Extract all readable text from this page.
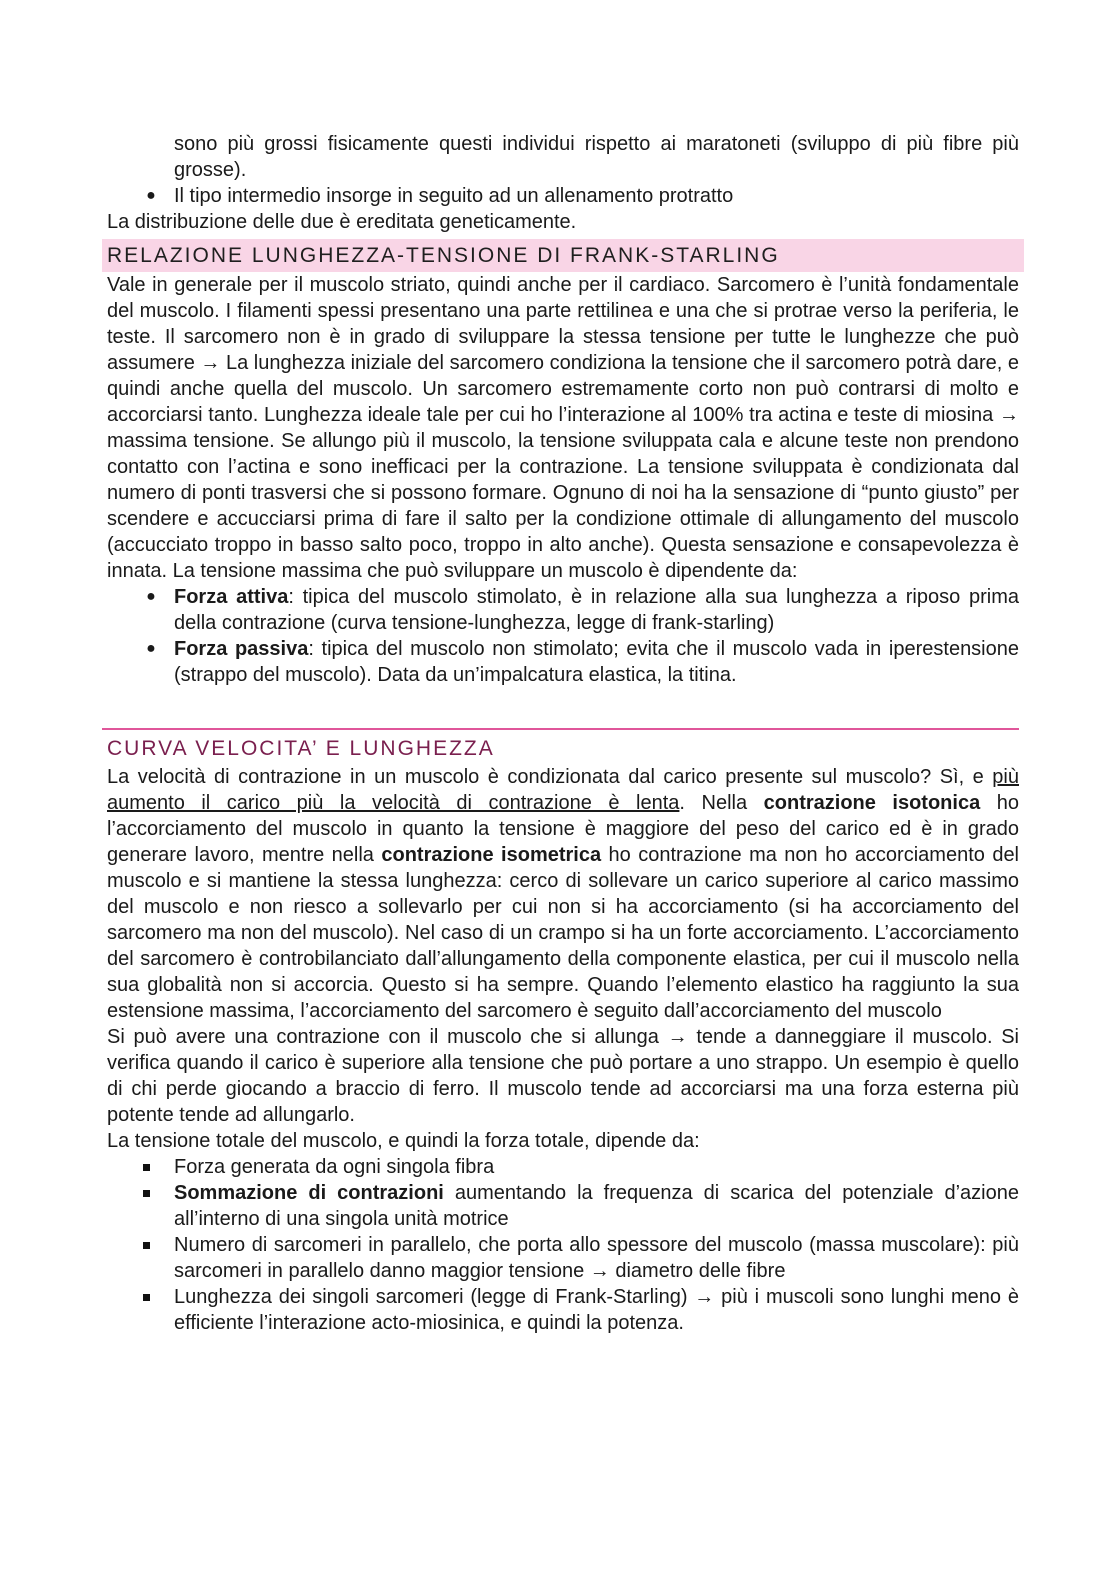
sono più grossi fisicamente questi individui rispetto ai maratoneti (sviluppo di più fibre più grosse).
● Il tipo intermedio insorge in seguito ad un allenamento protratto

La distribuzione delle due è ereditata geneticamente.

RELAZIONE LUNGHEZZA-TENSIONE DI FRANK-STARLING

Vale in generale per il muscolo striato, quindi anche per il cardiaco. Sarcomero è l’unità fondamentale del muscolo. I filamenti spessi presentano una parte rettilinea e una che si protrae verso la periferia, le teste. Il sarcomero non è in grado di sviluppare la stessa tensione per tutte le lunghezze che può assumere → La lunghezza iniziale del sarcomero condiziona la tensione che il sarcomero potrà dare, e quindi anche quella del muscolo. Un sarcomero estremamente corto non può contrarsi di molto e accorciarsi tanto. Lunghezza ideale tale per cui ho l’interazione al 100% tra actina e teste di miosina → massima tensione. Se allungo più il muscolo, la tensione sviluppata cala e alcune teste non prendono contatto con l’actina e sono inefficaci per la contrazione. La tensione sviluppata è condizionata dal numero di ponti trasversi che si possono formare. Ognuno di noi ha la sensazione di “punto giusto” per scendere e accucciarsi prima di fare il salto per la condizione ottimale di allungamento del muscolo (accucciato troppo in basso salto poco, troppo in alto anche). Questa sensazione e consapevolezza è innata. La tensione massima che può sviluppare un muscolo è dipendente da:

● Forza attiva: tipica del muscolo stimolato, è in relazione alla sua lunghezza a riposo prima della contrazione (curva tensione-lunghezza, legge di frank-starling)
● Forza passiva: tipica del muscolo non stimolato; evita che il muscolo vada in iperestensione (strappo del muscolo). Data da un’impalcatura elastica, la titina.
CURVA VELOCITA’ E LUNGHEZZA

La velocità di contrazione in un muscolo è condizionata dal carico presente sul muscolo? Sì, e più aumento il carico più la velocità di contrazione è lenta. Nella contrazione isotonica ho l’accorciamento del muscolo in quanto la tensione è maggiore del peso del carico ed è in grado generare lavoro, mentre nella contrazione isometrica ho contrazione ma non ho accorciamento del muscolo e si mantiene la stessa lunghezza: cerco di sollevare un carico superiore al carico massimo del muscolo e non riesco a sollevarlo per cui non si ha accorciamento (si ha accorciamento del sarcomero ma non del muscolo). Nel caso di un crampo si ha un forte accorciamento. L’accorciamento del sarcomero è controbilanciato dall’allungamento della componente elastica, per cui il muscolo nella sua globalità non si accorcia. Questo si ha sempre. Quando l’elemento elastico ha raggiunto la sua estensione massima, l’accorciamento del sarcomero è seguito dall’accorciamento del muscolo

Si può avere una contrazione con il muscolo che si allunga → tende a danneggiare il muscolo. Si verifica quando il carico è superiore alla tensione che può portare a uno strappo. Un esempio è quello di chi perde giocando a braccio di ferro. Il muscolo tende ad accorciarsi ma una forza esterna più potente tende ad allungarlo.

La tensione totale del muscolo, e quindi la forza totale, dipende da:

Forza generata da ogni singola fibra
Sommazione di contrazioni aumentando la frequenza di scarica del potenziale d’azione all’interno di una singola unità motrice
Numero di sarcomeri in parallelo, che porta allo spessore del muscolo (massa muscolare): più sarcomeri in parallelo danno maggior tensione → diametro delle fibre
Lunghezza dei singoli sarcomeri (legge di Frank-Starling) → più i muscoli sono lunghi meno è efficiente l’interazione acto-miosinica, e quindi la potenza.
